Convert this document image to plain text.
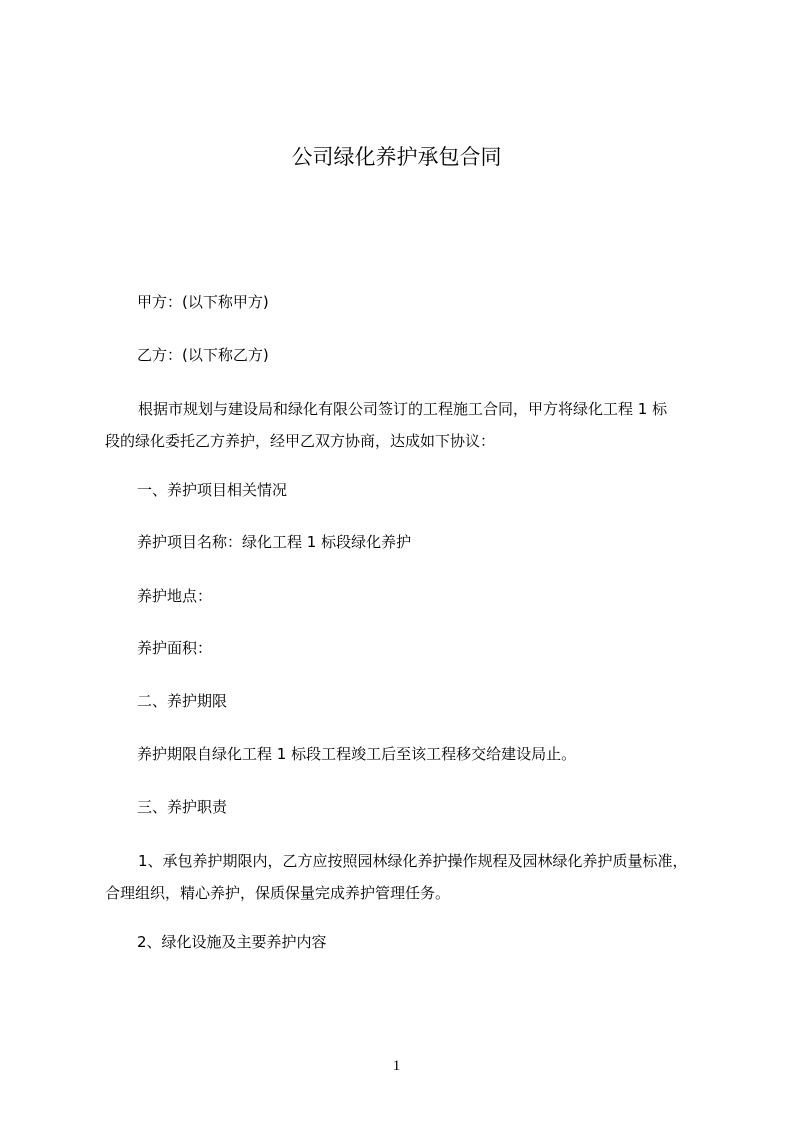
公司绿化养护承包合同

甲方：(以下称甲方)

乙方：(以下称乙方)

根据市规划与建设局和绿化有限公司签订的工程施工合同，甲方将绿化工程 1 标
段的绿化委托乙方养护，经甲乙双方协商，达成如下协议：

一、养护项目相关情况

养护项目名称：绿化工程 1 标段绿化养护

养护地点：

养护面积：

二、养护期限

养护期限自绿化工程 1 标段工程竣工后至该工程移交给建设局止。

三、养护职责

1、承包养护期限内，乙方应按照园林绿化养护操作规程及园林绿化养护质量标准，
合理组织，精心养护，保质保量完成养护管理任务。

2、绿化设施及主要养护内容

1
